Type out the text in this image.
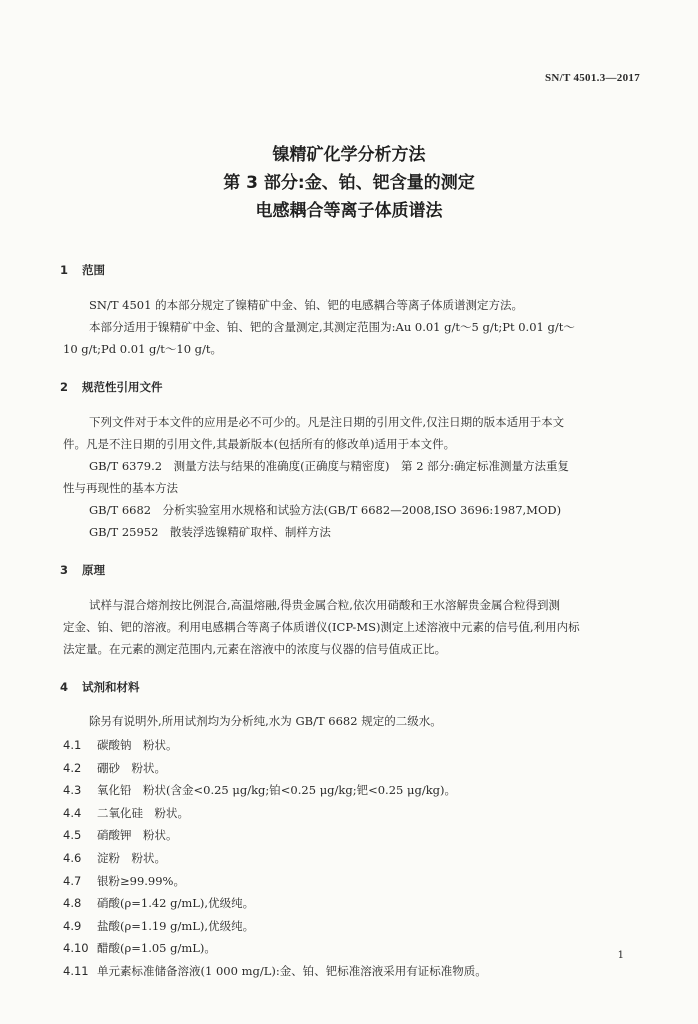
SN/T 4501.3—2017
镍精矿化学分析方法
第 3 部分:金、铂、钯含量的测定
电感耦合等离子体质谱法
1 范围
SN/T 4501 的本部分规定了镍精矿中金、铂、钯的电感耦合等离子体质谱测定方法。
本部分适用于镍精矿中金、铂、钯的含量测定,其测定范围为:Au 0.01 g/t～5 g/t;Pt 0.01 g/t～
10 g/t;Pd 0.01 g/t～10 g/t。
2 规范性引用文件
下列文件对于本文件的应用是必不可少的。凡是注日期的引用文件,仅注日期的版本适用于本文
件。凡是不注日期的引用文件,其最新版本(包括所有的修改单)适用于本文件。
GB/T 6379.2　测量方法与结果的准确度(正确度与精密度)　第 2 部分:确定标准测量方法重复
性与再现性的基本方法
GB/T 6682　分析实验室用水规格和试验方法(GB/T 6682—2008,ISO 3696:1987,MOD)
GB/T 25952　散装浮选镍精矿取样、制样方法
3 原理
试样与混合熔剂按比例混合,高温熔融,得贵金属合粒,依次用硝酸和王水溶解贵金属合粒得到测
定金、铂、钯的溶液。利用电感耦合等离子体质谱仪(ICP-MS)测定上述溶液中元素的信号值,利用内标
法定量。在元素的测定范围内,元素在溶液中的浓度与仪器的信号值成正比。
4 试剂和材料
除另有说明外,所用试剂均为分析纯,水为 GB/T 6682 规定的二级水。
4.1 碳酸钠　粉状。
4.2 硼砂　粉状。
4.3 氧化铅　粉状(含金<0.25 μg/kg;铂<0.25 μg/kg;钯<0.25 μg/kg)。
4.4 二氧化硅　粉状。
4.5 硝酸钾　粉状。
4.6 淀粉　粉状。
4.7 银粉≥99.99%。
4.8 硝酸(ρ=1.42 g/mL),优级纯。
4.9 盐酸(ρ=1.19 g/mL),优级纯。
4.10 醋酸(ρ=1.05 g/mL)。
4.11 单元素标准储备溶液(1 000 mg/L):金、铂、钯标准溶液采用有证标准物质。
1
